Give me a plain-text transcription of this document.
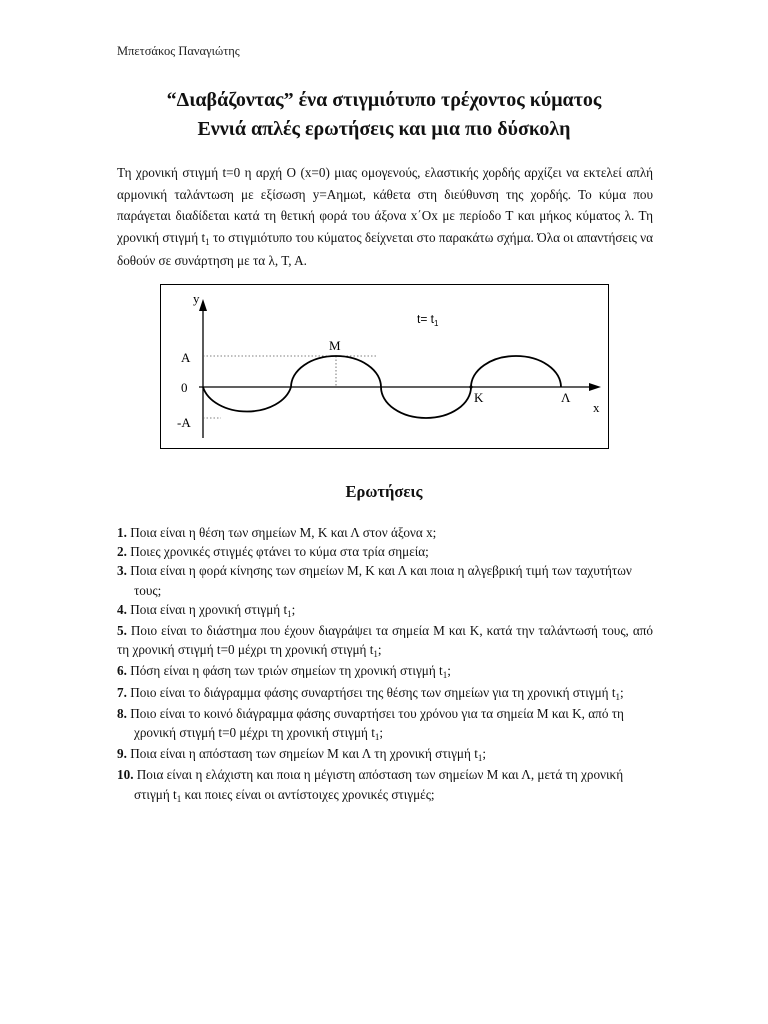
Μπετσάκος Παναγιώτης
“Διαβάζοντας” ένα στιγμιότυπο τρέχοντος κύματος
Εννιά απλές ερωτήσεις και μια πιο δύσκολη
Τη χρονική στιγμή t=0 η αρχή Ο (x=0) μιας ομογενούς, ελαστικής χορδής αρχίζει να εκτελεί απλή αρμονική ταλάντωση με εξίσωση y=Αημωt, κάθετα στη διεύθυνση της χορδής. Το κύμα που παράγεται διαδίδεται κατά τη θετική φορά του άξονα x΄Ox με περίοδο Τ και μήκος κύματος λ. Τη χρονική στιγμή $t_1$ το στιγμιότυπο του κύματος δείχνεται στο παρακάτω σχήμα. Όλα οι απαντήσεις να δοθούν σε συνάρτηση με τα λ, Τ, Α.
y
x
Α
0
-Α
Μ
Κ	Λ
$t= t_1$
Ερωτήσεις
1. Ποια είναι η θέση των σημείων Μ, Κ και Λ στον άξονα x;
2. Ποιες χρονικές στιγμές φτάνει το κύμα στα τρία σημεία;
3. Ποια είναι η φορά κίνησης των σημείων Μ, Κ και Λ και ποια η αλγεβρική τιμή των ταχυτήτων τους;
4. Ποια είναι η χρονική στιγμή $t_1$;
5. Ποιο είναι το διάστημα που έχουν διαγράψει τα σημεία Μ και Κ, κατά την ταλάντωσή τους, από τη χρονική στιγμή t=0 μέχρι τη χρονική στιγμή $t_1$;
6. Πόση είναι η φάση των τριών σημείων τη χρονική στιγμή $t_1$;
7. Ποιο είναι το διάγραμμα φάσης συναρτήσει της θέσης των σημείων για τη χρονική στιγμή $t_1$;
8. Ποιο είναι το κοινό διάγραμμα φάσης συναρτήσει του χρόνου για τα σημεία Μ και Κ, από τη χρονική στιγμή t=0 μέχρι τη χρονική στιγμή $t_1$;
9. Ποια είναι η απόσταση των σημείων Μ και Λ τη χρονική στιγμή $t_1$;
10. Ποια είναι η ελάχιστη και ποια η μέγιστη απόσταση των σημείων Μ και Λ, μετά τη χρονική στιγμή $t_1$ και ποιες είναι οι αντίστοιχες χρονικές στιγμές;
